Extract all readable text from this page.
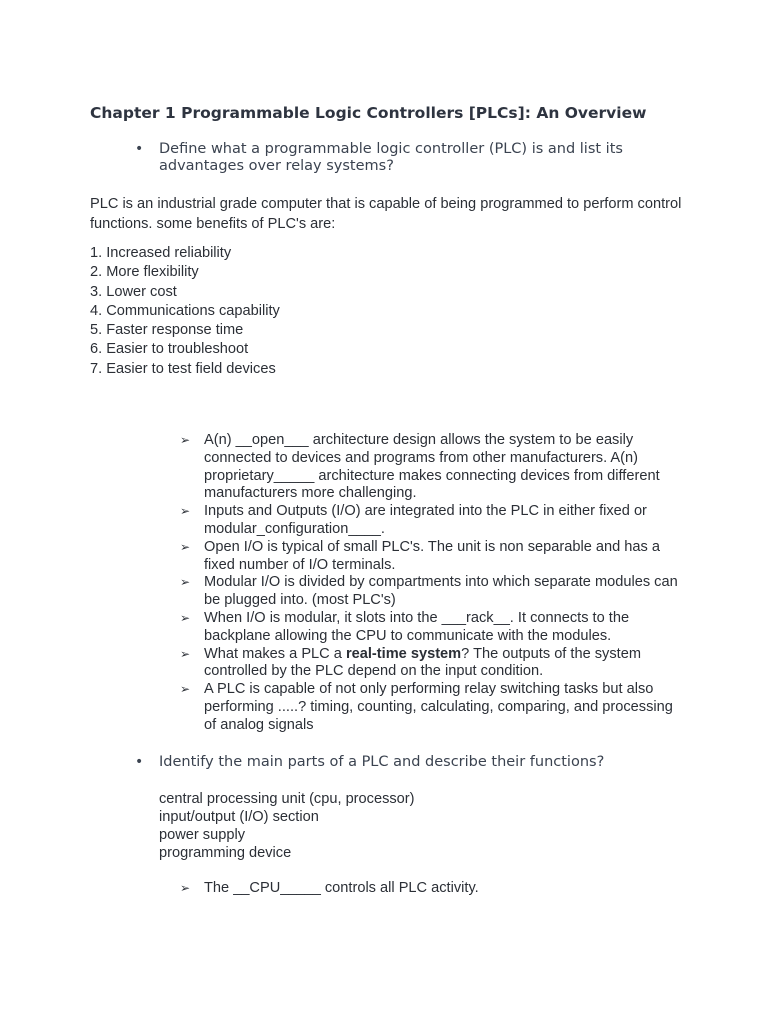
Chapter 1 Programmable Logic Controllers [PLCs]: An Overview
• Define what a programmable logic controller (PLC) is and list its advantages over relay systems?
PLC is an industrial grade computer that is capable of being programmed to perform control functions. some benefits of PLC's are:
1. Increased reliability
2. More flexibility
3. Lower cost
4. Communications capability
5. Faster response time
6. Easier to troubleshoot
7. Easier to test field devices
➢ A(n) __open___ architecture design allows the system to be easily connected to devices and programs from other manufacturers. A(n) proprietary_____ architecture makes connecting devices from different manufacturers more challenging.
➢ Inputs and Outputs (I/O) are integrated into the PLC in either fixed or modular_configuration____.
➢ Open I/O is typical of small PLC's. The unit is non separable and has a fixed number of I/O terminals.
➢ Modular I/O is divided by compartments into which separate modules can be plugged into. (most PLC's)
➢ When I/O is modular, it slots into the ___rack__. It connects to the backplane allowing the CPU to communicate with the modules.
➢ What makes a PLC a real-time system? The outputs of the system controlled by the PLC depend on the input condition.
➢ A PLC is capable of not only performing relay switching tasks but also performing .....? timing, counting, calculating, comparing, and processing of analog signals
• Identify the main parts of a PLC and describe their functions?
central processing unit (cpu, processor)
input/output (I/O) section
power supply
programming device
➢ The __CPU_____ controls all PLC activity.
